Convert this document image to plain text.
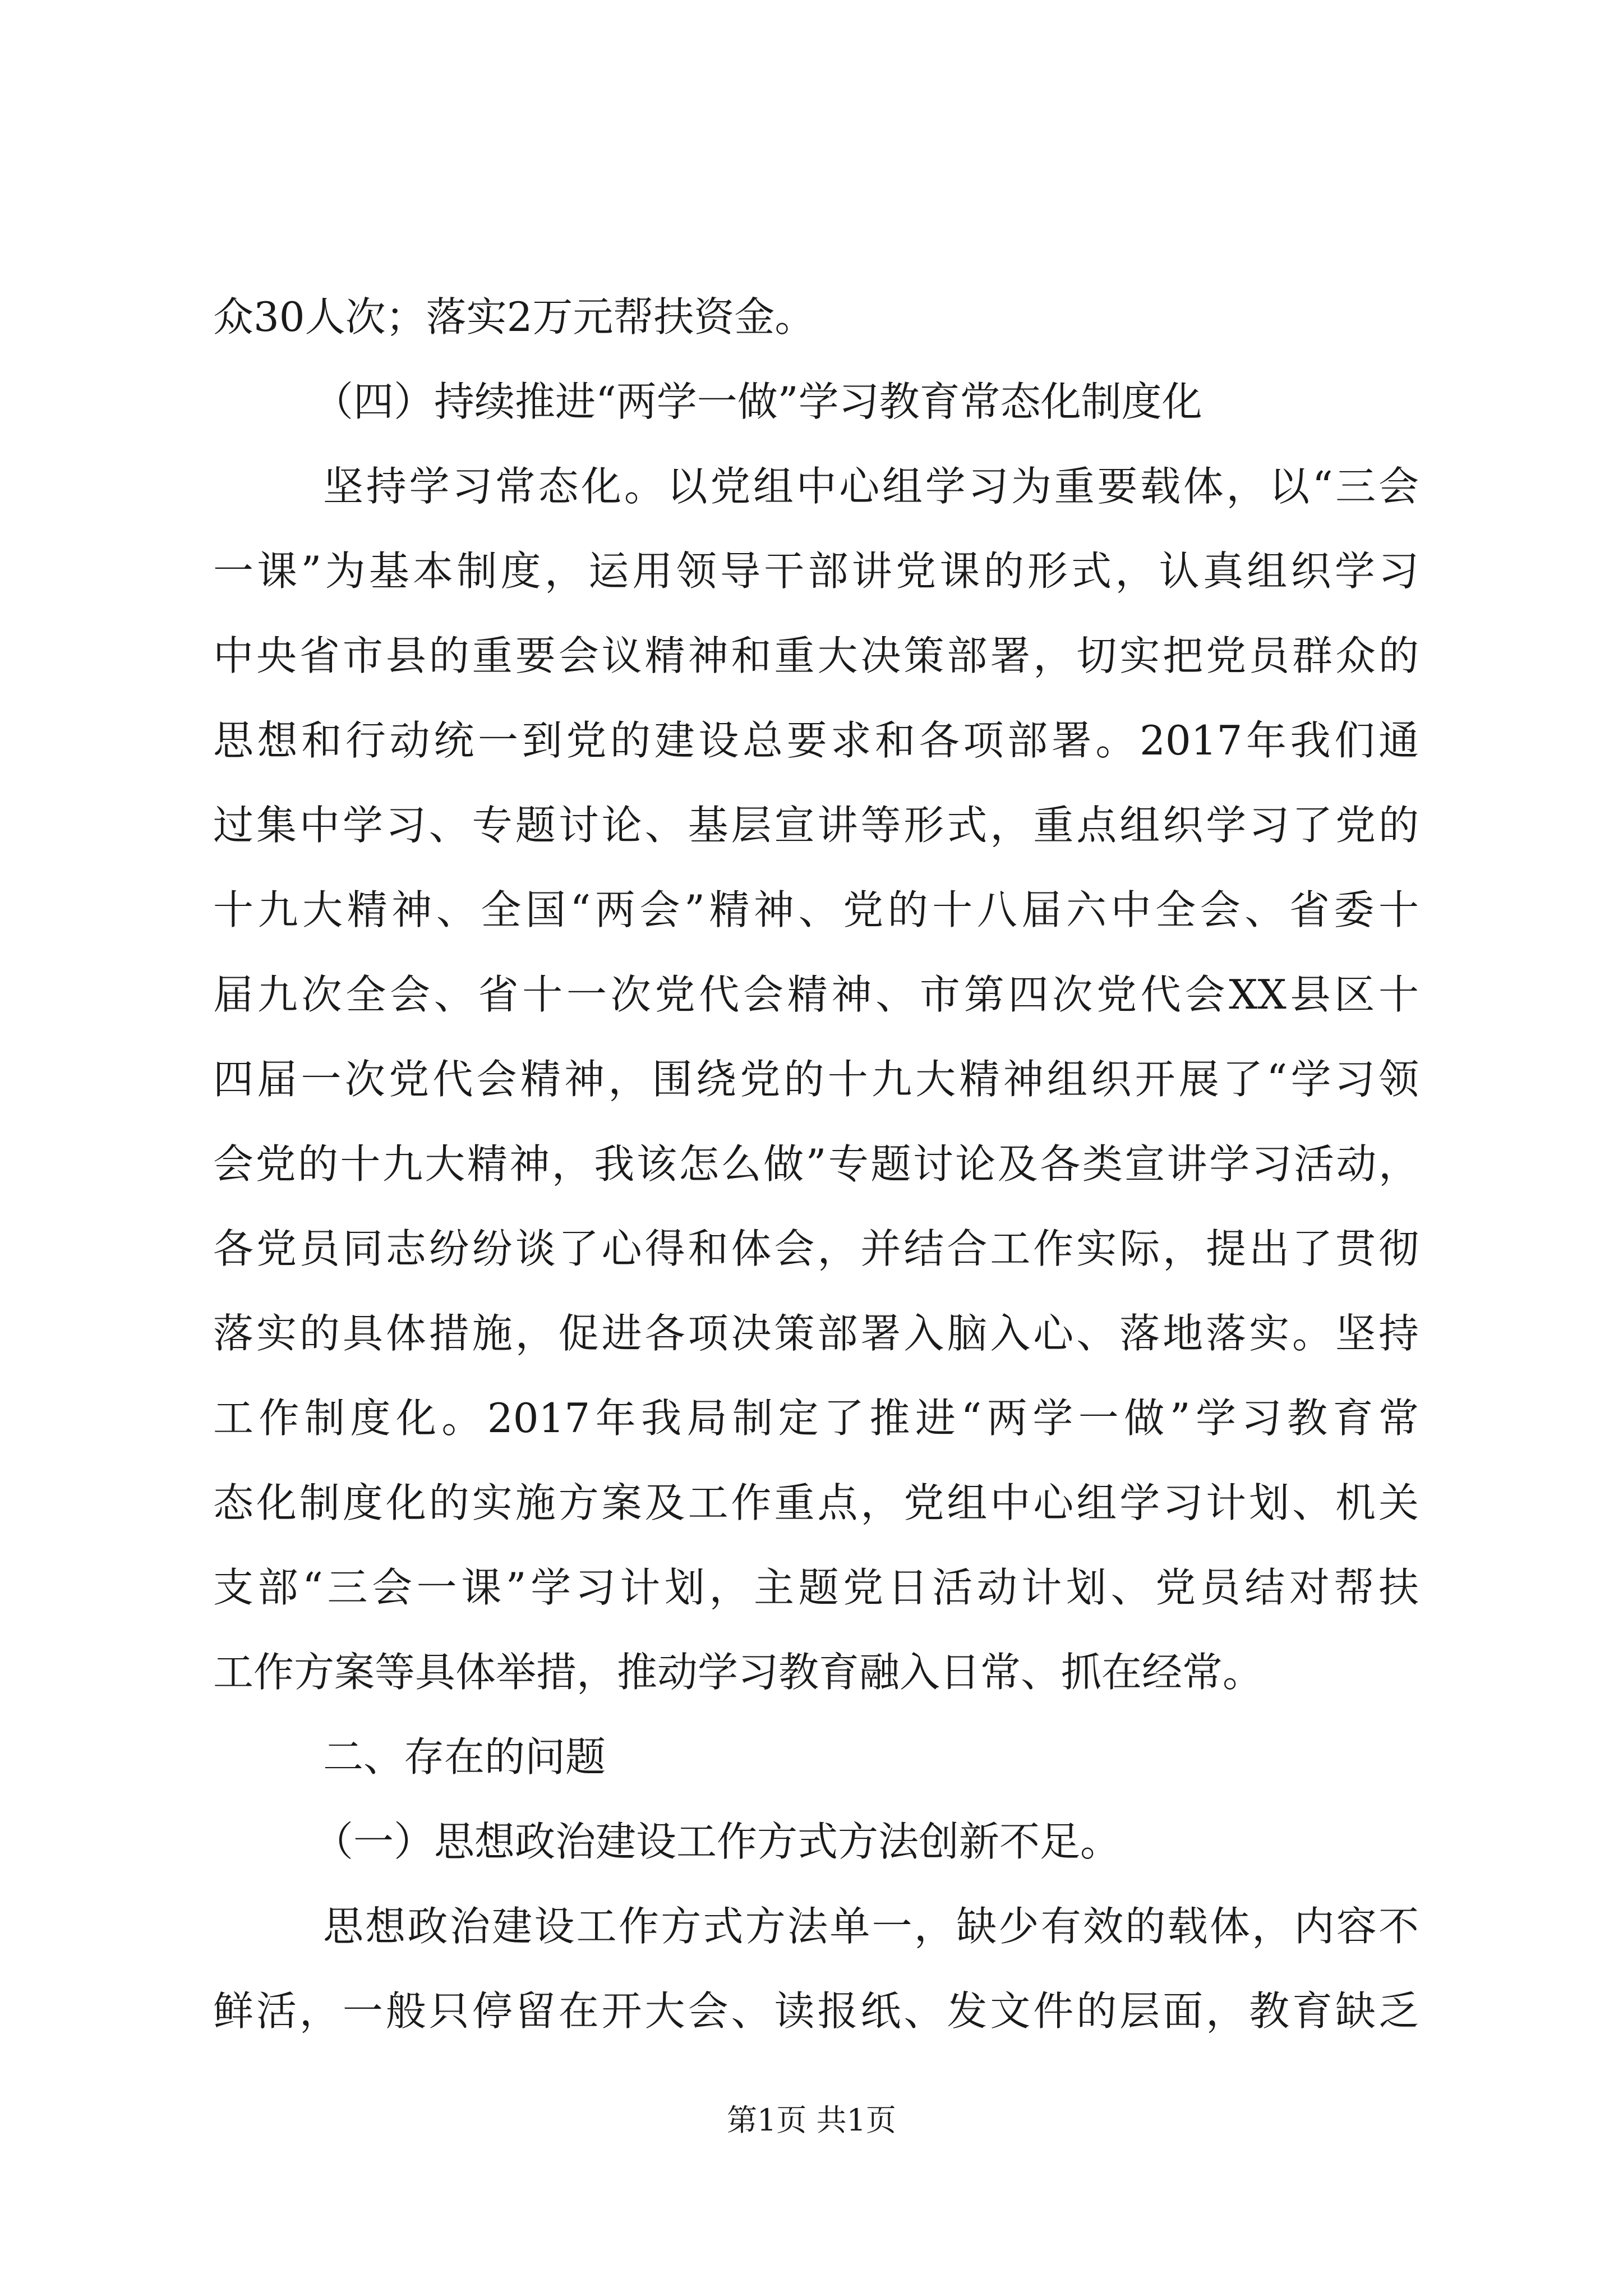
众30人次；落实2万元帮扶资金。
（四）持续推进“两学一做”学习教育常态化制度化
坚持学习常态化。以党组中心组学习为重要载体，以“三会
一课”为基本制度，运用领导干部讲党课的形式，认真组织学习
中央省市县的重要会议精神和重大决策部署，切实把党员群众的
思想和行动统一到党的建设总要求和各项部署。2017年我们通
过集中学习、专题讨论、基层宣讲等形式，重点组织学习了党的
十九大精神、全国“两会”精神、党的十八届六中全会、省委十
届九次全会、省十一次党代会精神、市第四次党代会XX县区十
四届一次党代会精神，围绕党的十九大精神组织开展了“学习领
会党的十九大精神，我该怎么做”专题讨论及各类宣讲学习活动，
各党员同志纷纷谈了心得和体会，并结合工作实际，提出了贯彻
落实的具体措施，促进各项决策部署入脑入心、落地落实。坚持
工作制度化。2017年我局制定了推进“两学一做”学习教育常
态化制度化的实施方案及工作重点，党组中心组学习计划、机关
支部“三会一课”学习计划，主题党日活动计划、党员结对帮扶
工作方案等具体举措，推动学习教育融入日常、抓在经常。
二、存在的问题
（一）思想政治建设工作方式方法创新不足。
思想政治建设工作方式方法单一，缺少有效的载体，内容不
鲜活，一般只停留在开大会、读报纸、发文件的层面，教育缺乏
第1页 共1页
